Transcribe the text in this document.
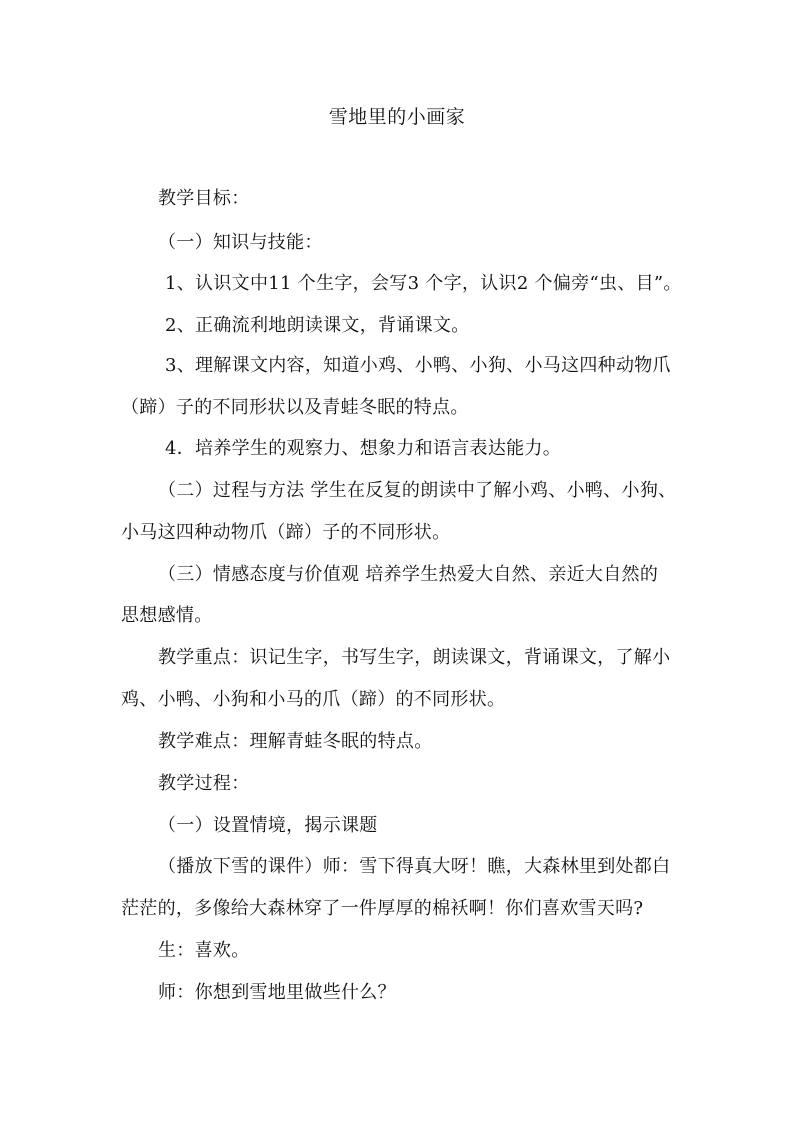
雪地里的小画家
教学目标：
（一）知识与技能：
1、认识文中11 个生字，会写3 个字，认识2 个偏旁“虫、目”。
2、正确流利地朗读课文，背诵课文。
3、理解课文内容，知道小鸡、小鸭、小狗、小马这四种动物爪
（蹄）子的不同形状以及青蛙冬眠的特点。
4．培养学生的观察力、想象力和语言表达能力。
（二）过程与方法 学生在反复的朗读中了解小鸡、小鸭、小狗、
小马这四种动物爪（蹄）子的不同形状。
（三）情感态度与价值观 培养学生热爱大自然、亲近大自然的
思想感情。
教学重点：识记生字，书写生字，朗读课文，背诵课文，了解小
鸡、小鸭、小狗和小马的爪（蹄）的不同形状。
教学难点：理解青蛙冬眠的特点。
教学过程：
（一）设置情境，揭示课题
（播放下雪的课件）师：雪下得真大呀！瞧，大森林里到处都白
茫茫的，多像给大森林穿了一件厚厚的棉袄啊！你们喜欢雪天吗?
生：喜欢。
师：你想到雪地里做些什么？
